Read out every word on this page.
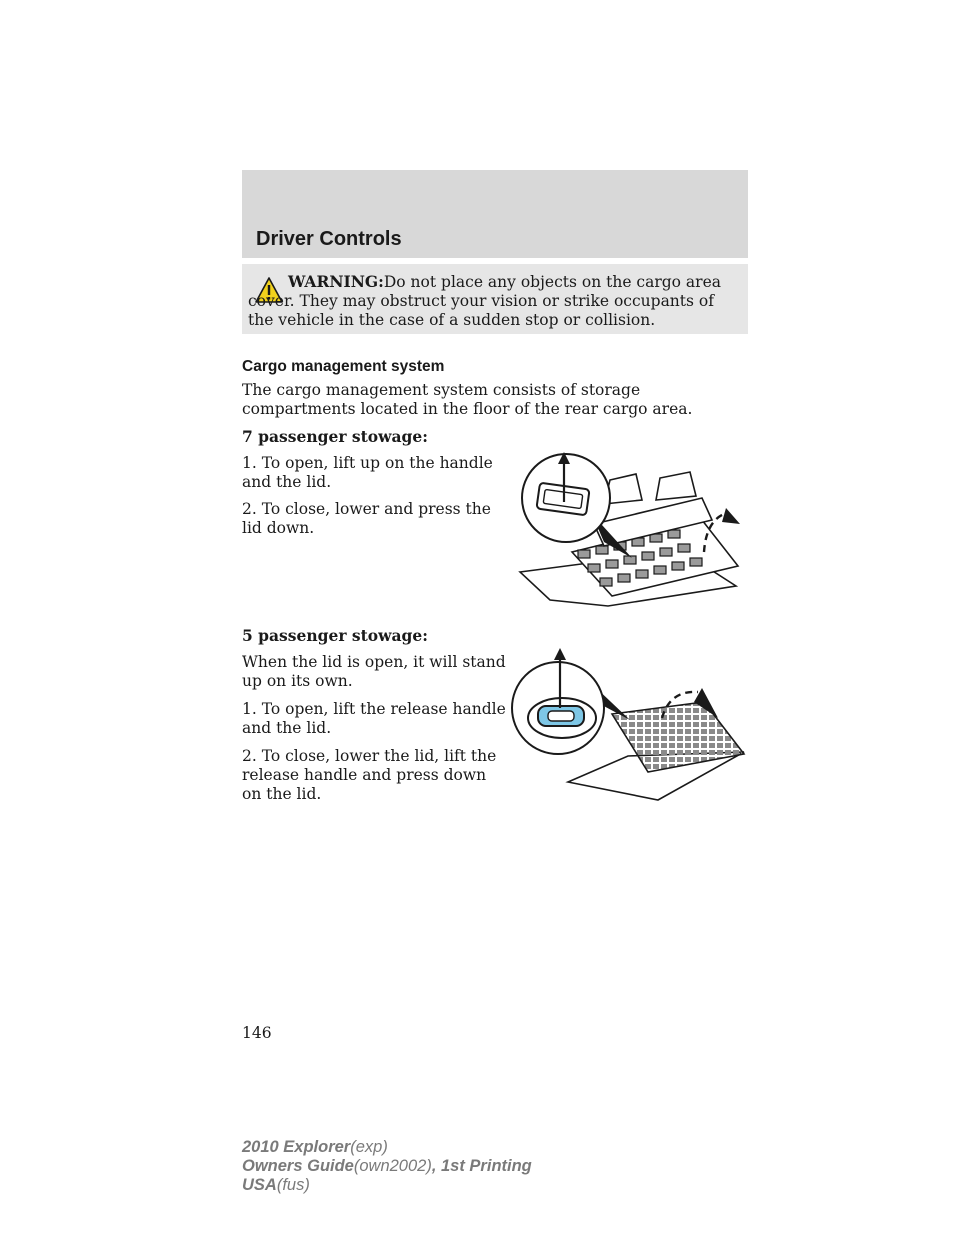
Driver Controls
WARNING:Do not place any objects on the cargo area cover. They may obstruct your vision or strike occupants of the vehicle in the case of a sudden stop or collision.
Cargo management system
The cargo management system consists of storage compartments located in the floor of the rear cargo area.
7 passenger stowage:
1. To open, lift up on the handle and the lid.
2. To close, lower and press the lid down.
5 passenger stowage:
When the lid is open, it will stand up on its own.
1. To open, lift the release handle and the lid.
2. To close, lower the lid, lift the release handle and press down on the lid.
146
2010 Explorer(exp)
Owners Guide(own2002), 1st Printing
USA(fus)
